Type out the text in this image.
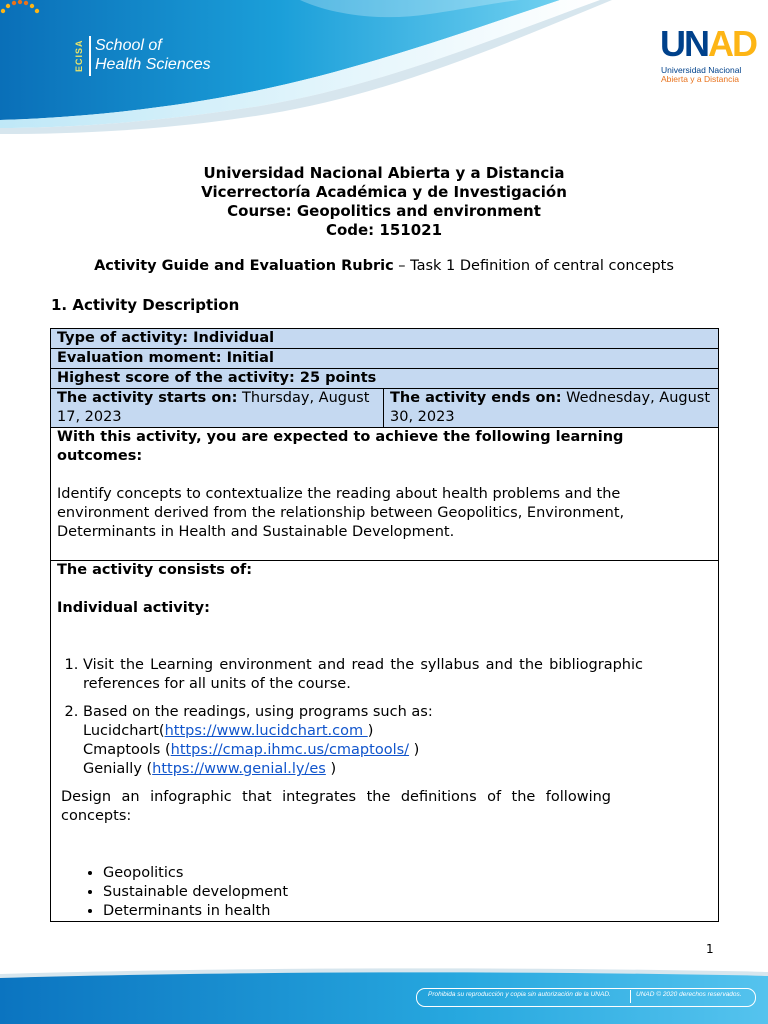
ECISA School of
Health Sciences
UNAD
Universidad Nacional
Abierta y a Distancia
Universidad Nacional Abierta y a Distancia
Vicerrectoría Académica y de Investigación
Course: Geopolitics and environment
Code: 151021
Activity Guide and Evaluation Rubric – Task 1 Definition of central concepts
1. Activity Description
Type of activity: Individual
Evaluation moment: Initial
Highest score of the activity: 25 points
The activity starts on: Thursday, August 17, 2023	The activity ends on: Wednesday, August 30, 2023

With this activity, you are expected to achieve the following learning outcomes:
Identify concepts to contextualize the reading about health problems and the environment derived from the relationship between Geopolitics, Environment, Determinants in Health and Sustainable Development.

The activity consists of:
Individual activity:
1. Visit the Learning environment and read the syllabus and the bibliographic references for all units of the course.
2. Based on the readings, using programs such as:
Lucidchart(https://www.lucidchart.com )
Cmaptools (https://cmap.ihmc.us/cmaptools/ )
Genially (https://www.genial.ly/es )
Design an infographic that integrates the definitions of the following concepts:
• Geopolitics
• Sustainable development
• Determinants in health
1
Prohibida su reproducción y copia sin autorización de la UNAD.	UNAD © 2020 derechos reservados.
